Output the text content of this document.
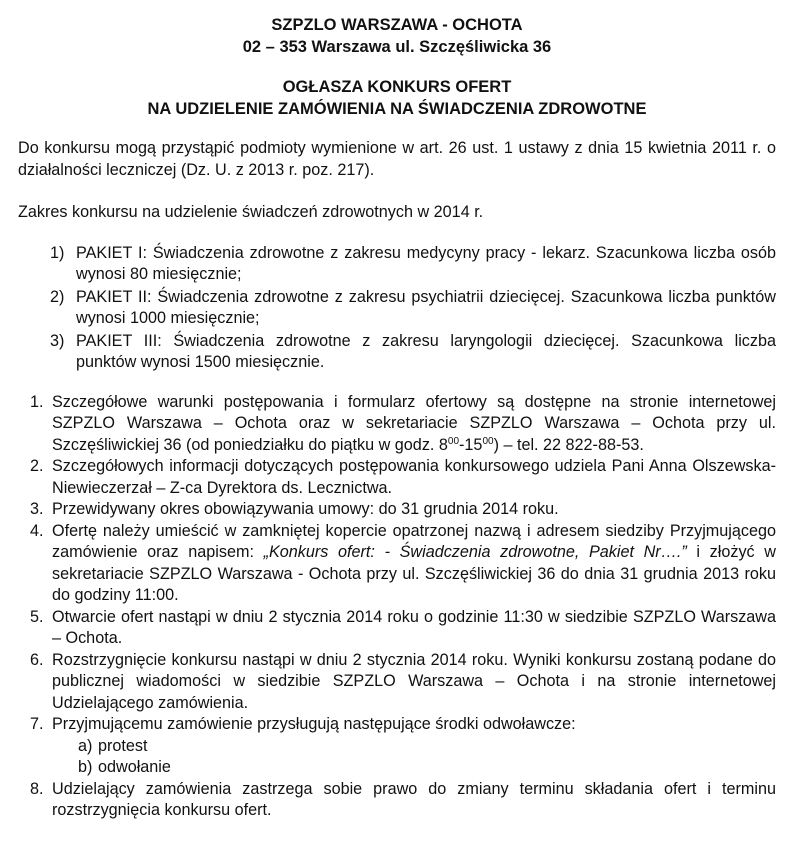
SZPZLO WARSZAWA - OCHOTA
02 – 353 Warszawa ul. Szczęśliwicka 36
OGŁASZA KONKURS OFERT
NA UDZIELENIE ZAMÓWIENIA NA ŚWIADCZENIA ZDROWOTNE

Do konkursu mogą przystąpić podmioty wymienione w art. 26 ust. 1 ustawy z dnia 15 kwietnia 2011 r. o działalności leczniczej (Dz. U. z 2013 r. poz. 217).

Zakres konkursu na udzielenie świadczeń zdrowotnych w 2014 r.

1) PAKIET I: Świadczenia zdrowotne z zakresu medycyny pracy - lekarz. Szacunkowa liczba osób wynosi 80 miesięcznie;
2) PAKIET II: Świadczenia zdrowotne z zakresu psychiatrii dziecięcej. Szacunkowa liczba punktów wynosi 1000 miesięcznie;
3) PAKIET III: Świadczenia zdrowotne z zakresu laryngologii dziecięcej. Szacunkowa liczba punktów wynosi 1500 miesięcznie.
1. Szczegółowe warunki postępowania i formularz ofertowy są dostępne na stronie internetowej SZPZLO Warszawa – Ochota oraz w sekretariacie SZPZLO Warszawa – Ochota przy ul. Szczęśliwickiej 36 (od poniedziałku do piątku w godz. $8^{00}-15^{00}$) – tel. 22 822-88-53.
2. Szczegółowych informacji dotyczących postępowania konkursowego udziela Pani Anna Olszewska-Niewieczerzał – Z-ca Dyrektora ds. Lecznictwa.
3. Przewidywany okres obowiązywania umowy: do 31 grudnia 2014 roku.
4. Ofertę należy umieścić w zamkniętej kopercie opatrzonej nazwą i adresem siedziby Przyjmującego zamówienie oraz napisem: „Konkurs ofert: - Świadczenia zdrowotne, Pakiet Nr….” i złożyć w sekretariacie SZPZLO Warszawa - Ochota przy ul. Szczęśliwickiej 36 do dnia 31 grudnia 2013 roku do godziny 11:00.
5. Otwarcie ofert nastąpi w dniu 2 stycznia 2014 roku o godzinie 11:30 w siedzibie SZPZLO Warszawa – Ochota.
6. Rozstrzygnięcie konkursu nastąpi w dniu 2 stycznia 2014 roku. Wyniki konkursu zostaną podane do publicznej wiadomości w siedzibie SZPZLO Warszawa – Ochota i na stronie internetowej Udzielającego zamówienia.
7. Przyjmującemu zamówienie przysługują następujące środki odwoławcze:
a) protest
b) odwołanie
8. Udzielający zamówienia zastrzega sobie prawo do zmiany terminu składania ofert i terminu rozstrzygnięcia konkursu ofert.
